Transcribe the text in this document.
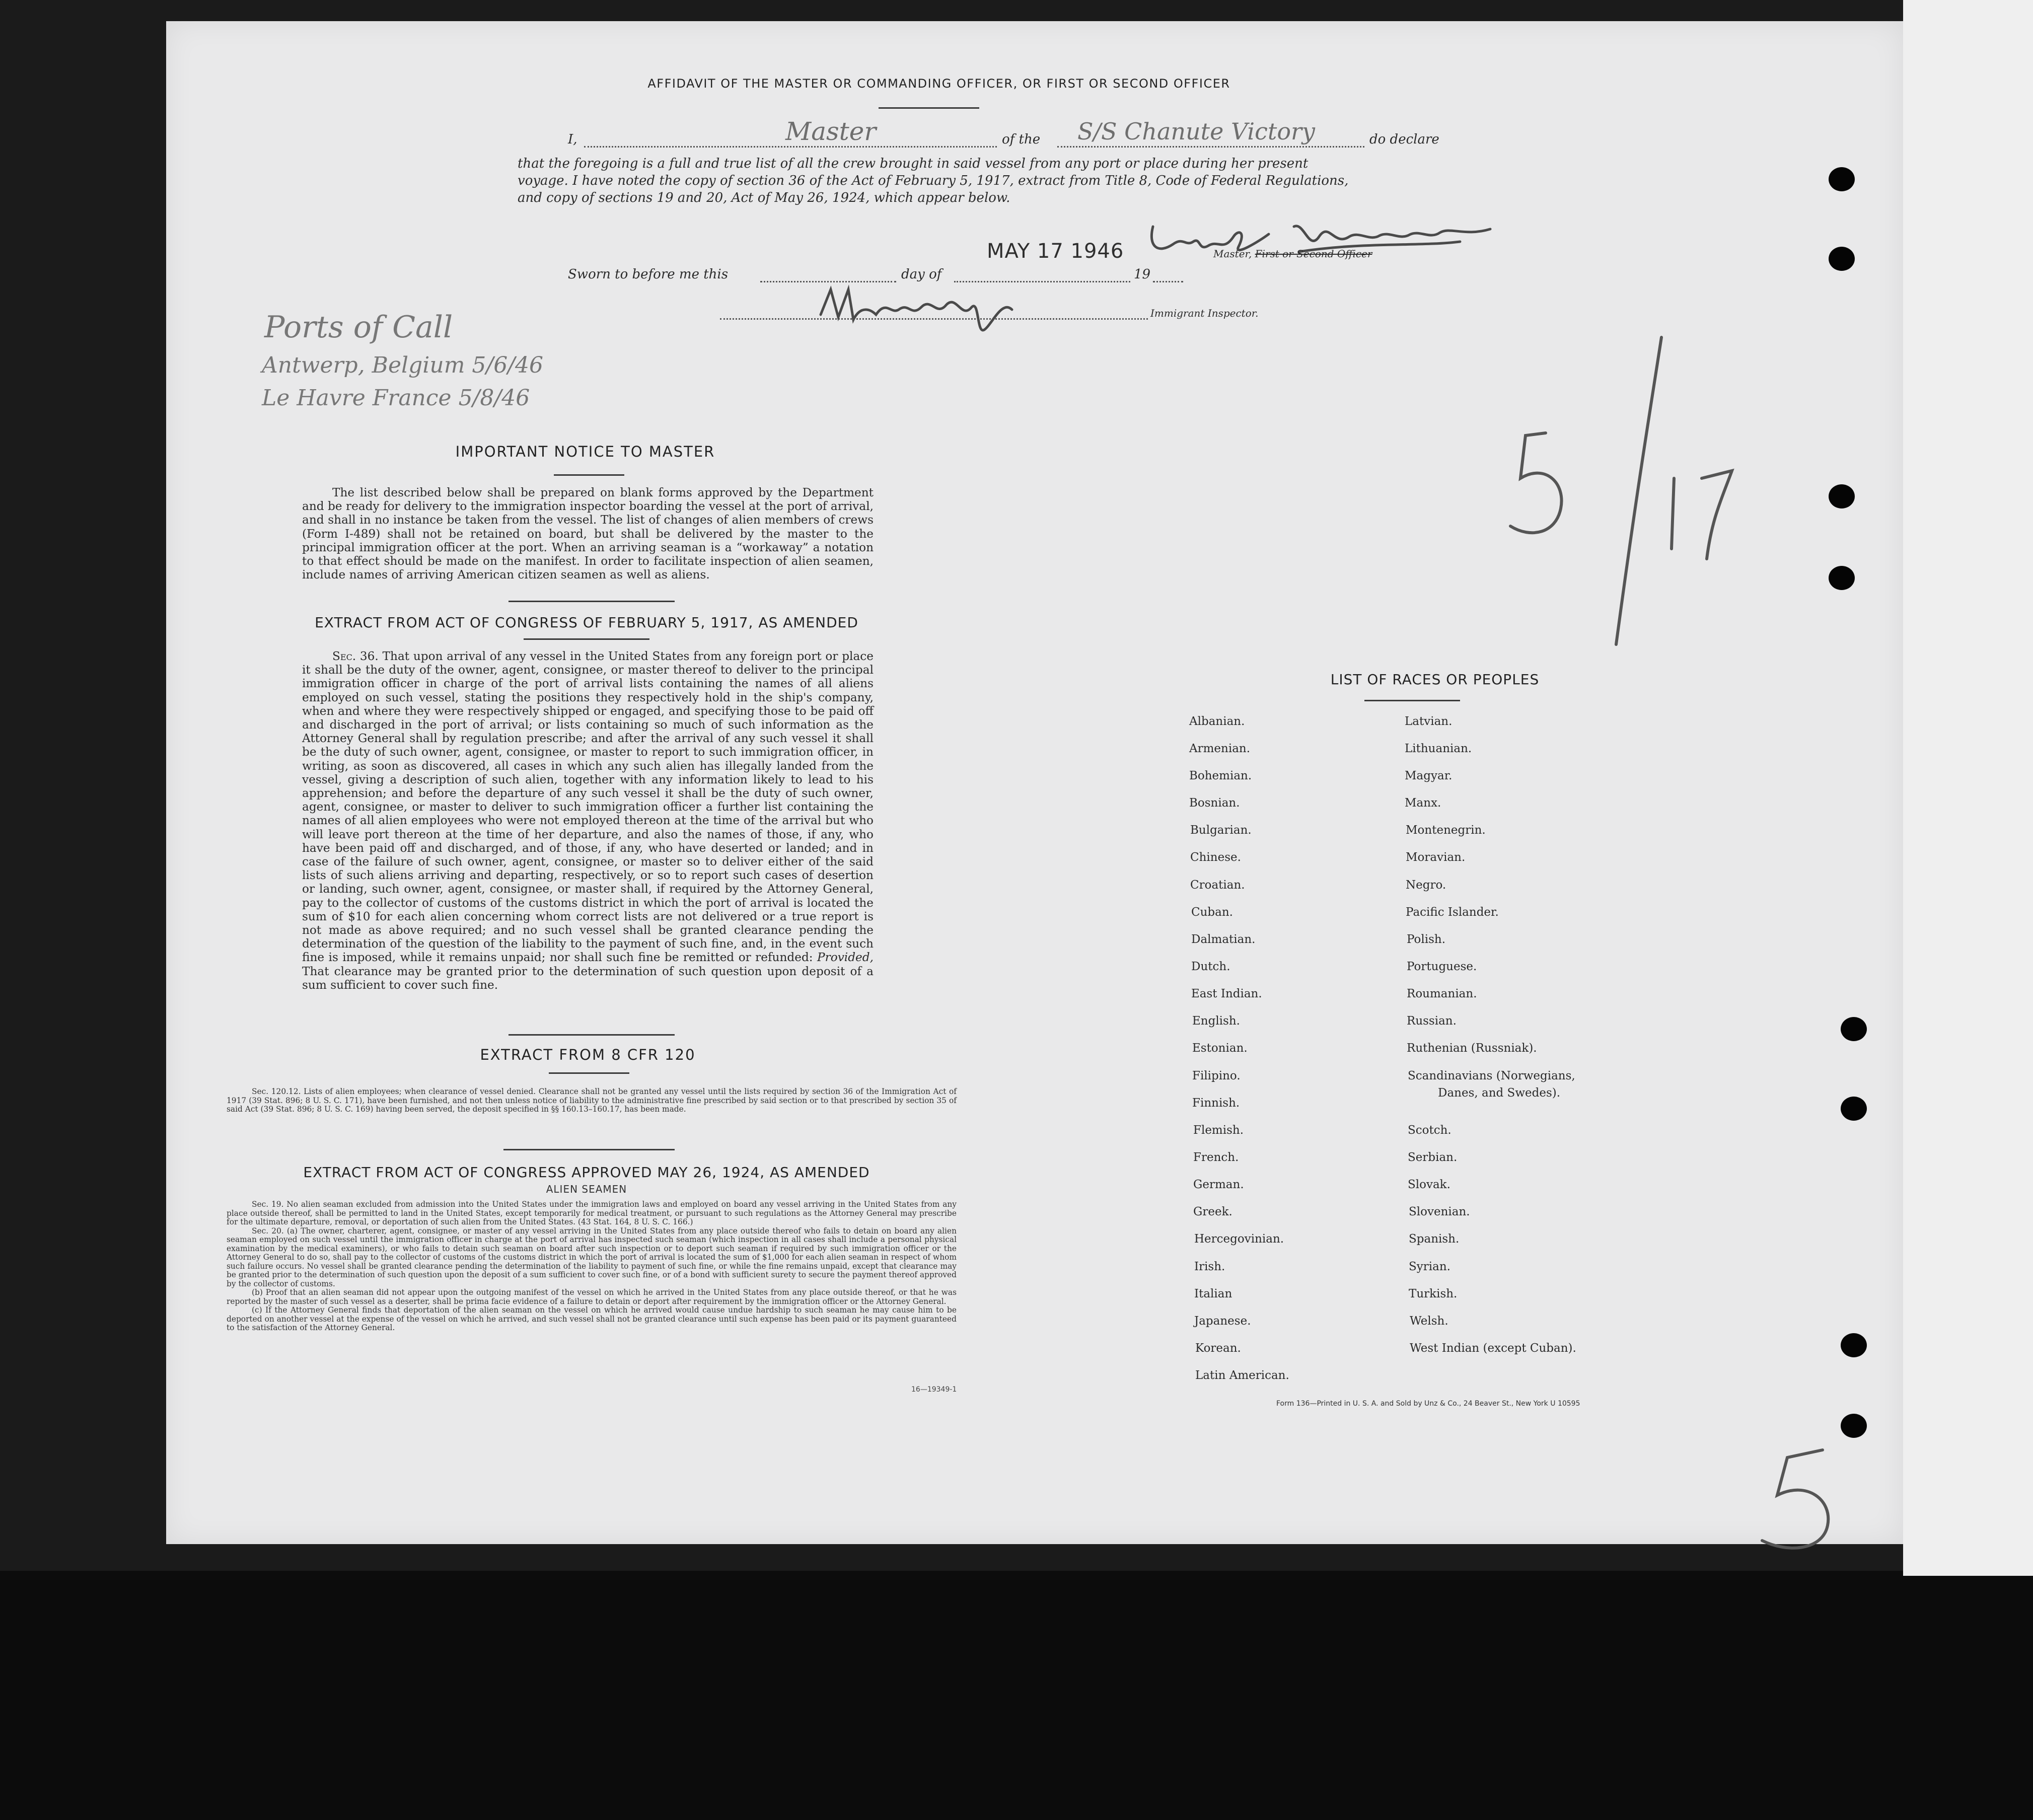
AFFIDAVIT OF THE MASTER OR COMMANDING OFFICER, OR FIRST OR SECOND OFFICER
I,	Master	of the S/S Chanute Victory	do declare
that the foregoing is a full and true list of all the crew brought in said vessel from any port or place during her present
voyage. I have noted the copy of section 36 of the Act of February 5, 1917, extract from Title 8, Code of Federal Regulations,
and copy of sections 19 and 20, Act of May 26, 1924, which appear below.
MAY 17 1946
Sworn to before me this	day of	19
Master, First or Second Officer
Immigrant Inspector.
Ports of Call
Antwerp, Belgium 5/6/46
Le Havre France 5/8/46
IMPORTANT NOTICE TO MASTER

The list described below shall be prepared on blank forms approved by the Department and be ready for delivery to the immigration inspector boarding the vessel at the port of arrival, and shall in no instance be taken from the vessel. The list of changes of alien members of crews (Form I-489) shall not be retained on board, but shall be delivered by the master to the principal immigration officer at the port. When an arriving seaman is a “workaway” a notation to that effect should be made on the manifest. In order to facilitate inspection of alien seamen, include names of arriving American citizen seamen as well as aliens.

EXTRACT FROM ACT OF CONGRESS OF FEBRUARY 5, 1917, AS AMENDED

Sec. 36. That upon arrival of any vessel in the United States from any foreign port or place it shall be the duty of the owner, agent, consignee, or master thereof to deliver to the principal immigration officer in charge of the port of arrival lists containing the names of all aliens employed on such vessel, stating the positions they respectively hold in the ship's company, when and where they were respectively shipped or engaged, and specifying those to be paid off and discharged in the port of arrival; or lists containing so much of such information as the Attorney General shall by regulation prescribe; and after the arrival of any such vessel it shall be the duty of such owner, agent, consignee, or master to report to such immigration officer, in writing, as soon as discovered, all cases in which any such alien has illegally landed from the vessel, giving a description of such alien, together with any information likely to lead to his apprehension; and before the departure of any such vessel it shall be the duty of such owner, agent, consignee, or master to deliver to such immigration officer a further list containing the names of all alien employees who were not employed thereon at the time of the arrival but who will leave port thereon at the time of her departure, and also the names of those, if any, who have been paid off and discharged, and of those, if any, who have deserted or landed; and in case of the failure of such owner, agent, consignee, or master so to deliver either of the said lists of such aliens arriving and departing, respectively, or so to report such cases of desertion or landing, such owner, agent, consignee, or master shall, if required by the Attorney General, pay to the collector of customs of the customs district in which the port of arrival is located the sum of $10 for each alien concerning whom correct lists are not delivered or a true report is not made as above required; and no such vessel shall be granted clearance pending the determination of the question of the liability to the payment of such fine, and, in the event such fine is imposed, while it remains unpaid; nor shall such fine be remitted or refunded: Provided, That clearance may be granted prior to the determination of such question upon deposit of a sum sufficient to cover such fine.

EXTRACT FROM 8 CFR 120

Sec. 120.12. Lists of alien employees; when clearance of vessel denied. Clearance shall not be granted any vessel until the lists required by section 36 of the Immigration Act of 1917 (39 Stat. 896; 8 U. S. C. 171), have been furnished, and not then unless notice of liability to the administrative fine prescribed by said section or to that prescribed by section 35 of said Act (39 Stat. 896; 8 U. S. C. 169) having been served, the deposit specified in §§ 160.13–160.17, has been made.

EXTRACT FROM ACT OF CONGRESS APPROVED MAY 26, 1924, AS AMENDED
ALIEN SEAMEN

Sec. 19. No alien seaman excluded from admission into the United States under the immigration laws and employed on board any vessel arriving in the United States from any place outside thereof, shall be permitted to land in the United States, except temporarily for medical treatment, or pursuant to such regulations as the Attorney General may prescribe for the ultimate departure, removal, or deportation of such alien from the United States. (43 Stat. 164, 8 U. S. C. 166.)

Sec. 20. (a) The owner, charterer, agent, consignee, or master of any vessel arriving in the United States from any place outside thereof who fails to detain on board any alien seaman employed on such vessel until the immigration officer in charge at the port of arrival has inspected such seaman (which inspection in all cases shall include a personal physical examination by the medical examiners), or who fails to detain such seaman on board after such inspection or to deport such seaman if required by such immigration officer or the Attorney General to do so, shall pay to the collector of customs of the customs district in which the port of arrival is located the sum of $1,000 for each alien seaman in respect of whom such failure occurs. No vessel shall be granted clearance pending the determination of the liability to payment of such fine, or while the fine remains unpaid, except that clearance may be granted prior to the determination of such question upon the deposit of a sum sufficient to cover such fine, or of a bond with sufficient surety to secure the payment thereof approved by the collector of customs.

(b) Proof that an alien seaman did not appear upon the outgoing manifest of the vessel on which he arrived in the United States from any place outside thereof, or that he was reported by the master of such vessel as a deserter, shall be prima facie evidence of a failure to detain or deport after requirement by the immigration officer or the Attorney General.

(c) If the Attorney General finds that deportation of the alien seaman on the vessel on which he arrived would cause undue hardship to such seaman he may cause him to be deported on another vessel at the expense of the vessel on which he arrived, and such vessel shall not be granted clearance until such expense has been paid or its payment guaranteed to the satisfaction of the Attorney General.

16—19349-1
LIST OF RACES OR PEOPLES
Albanian.
Armenian.
Bohemian.
Bosnian.
Bulgarian.
Chinese.
Croatian.
Cuban.
Dalmatian.
Dutch.
East Indian.
English.
Estonian.
Filipino.
Finnish.
Flemish.
French.
German.
Greek.
Hercegovinian.
Irish.
Italian
Japanese.
Korean.
Latin American.
Latvian.
Lithuanian.
Magyar.
Manx.
Montenegrin.
Moravian.
Negro.
Pacific Islander.
Polish.
Portuguese.
Roumanian.
Russian.
Ruthenian (Russniak).
Scandinavians (Norwegians,
Danes, and Swedes).
Scotch.
Serbian.
Slovak.
Slovenian.
Spanish.
Syrian.
Turkish.
Welsh.
West Indian (except Cuban).
Form 136—Printed in U. S. A. and Sold by Unz & Co., 24 Beaver St., New York U 10595
